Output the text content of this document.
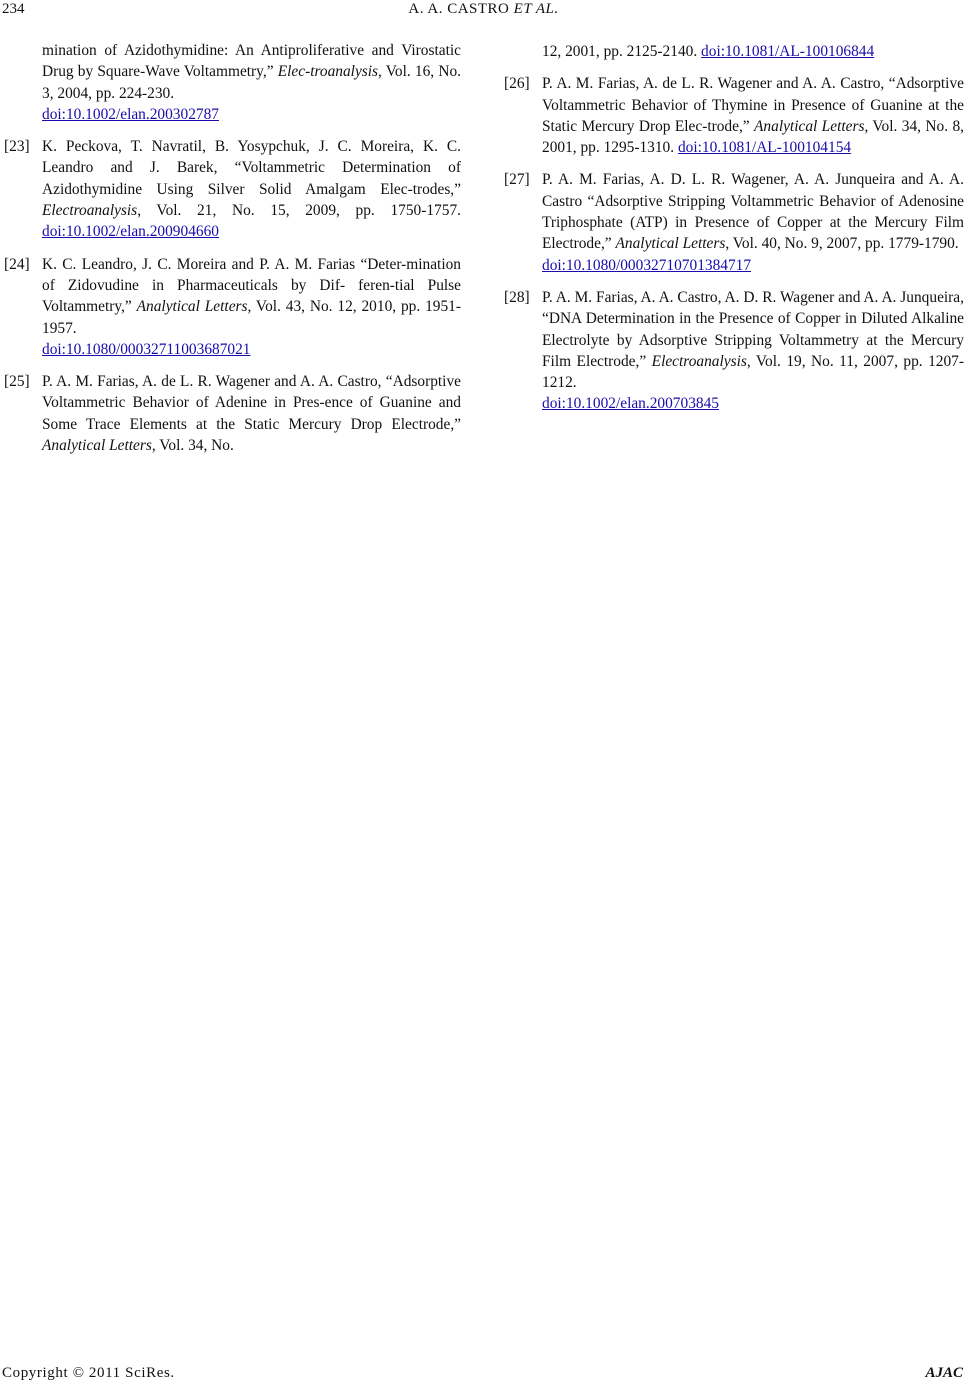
234	A. A. CASTRO ET AL.
mination of Azidothymidine: An Antiproliferative and Virostatic Drug by Square-Wave Voltammetry,” Elec-troanalysis, Vol. 16, No. 3, 2004, pp. 224-230.
doi:10.1002/elan.200302787
[23] K. Peckova, T. Navratil, B. Yosypchuk, J. C. Moreira, K. C. Leandro and J. Barek, “Voltammetric Determination of Azidothymidine Using Silver Solid Amalgam Elec-trodes,” Electroanalysis, Vol. 21, No. 15, 2009, pp. 1750-1757. doi:10.1002/elan.200904660
[24] K. C. Leandro, J. C. Moreira and P. A. M. Farias “Deter-mination of Zidovudine in Pharmaceuticals by Dif- feren-tial Pulse Voltammetry,” Analytical Letters, Vol. 43, No. 12, 2010, pp. 1951-1957.
doi:10.1080/00032711003687021
[25] P. A. M. Farias, A. de L. R. Wagener and A. A. Castro, “Adsorptive Voltammetric Behavior of Adenine in Pres-ence of Guanine and Some Trace Elements at the Static Mercury Drop Electrode,” Analytical Letters, Vol. 34, No.
12, 2001, pp. 2125-2140. doi:10.1081/AL-100106844
[26] P. A. M. Farias, A. de L. R. Wagener and A. A. Castro, “Adsorptive Voltammetric Behavior of Thymine in Presence of Guanine at the Static Mercury Drop Elec-trode,” Analytical Letters, Vol. 34, No. 8, 2001, pp. 1295-1310. doi:10.1081/AL-100104154
[27] P. A. M. Farias, A. D. L. R. Wagener, A. A. Junqueira and A. A. Castro “Adsorptive Stripping Voltammetric Behavior of Adenosine Triphosphate (ATP) in Presence of Copper at the Mercury Film Electrode,” Analytical Letters, Vol. 40, No. 9, 2007, pp. 1779-1790.
doi:10.1080/00032710701384717
[28] P. A. M. Farias, A. A. Castro, A. D. R. Wagener and A. A. Junqueira, “DNA Determination in the Presence of Copper in Diluted Alkaline Electrolyte by Adsorptive Stripping Voltammetry at the Mercury Film Electrode,” Electroanalysis, Vol. 19, No. 11, 2007, pp. 1207-1212.
doi:10.1002/elan.200703845
Copyright © 2011 SciRes.	AJAC
